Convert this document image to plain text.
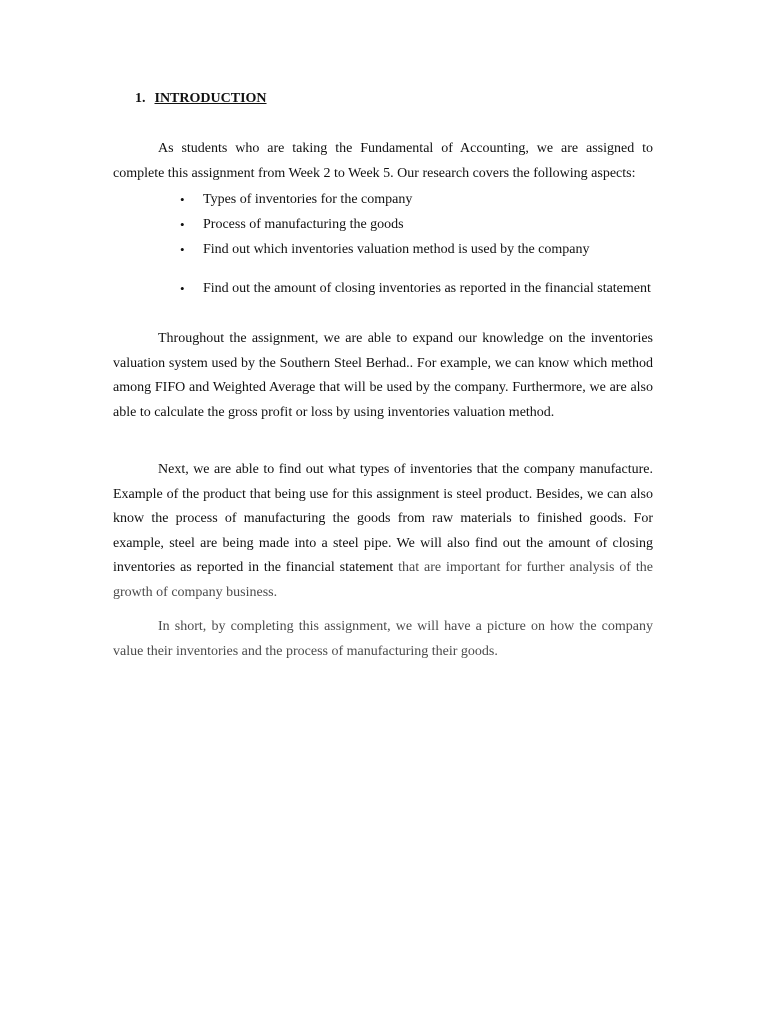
1. INTRODUCTION

As students who are taking the Fundamental of Accounting, we are assigned to complete this assignment from Week 2 to Week 5. Our research covers the following aspects:

• Types of inventories for the company
• Process of manufacturing the goods
• Find out which inventories valuation method is used by the company
• Find out the amount of closing inventories as reported in the financial statement

Throughout the assignment, we are able to expand our knowledge on the inventories valuation system used by the Southern Steel Berhad.. For example, we can know which method among FIFO and Weighted Average that will be used by the company. Furthermore, we are also able to calculate the gross profit or loss by using inventories valuation method.

Next, we are able to find out what types of inventories that the company manufacture. Example of the product that being use for this assignment is steel product. Besides, we can also know the process of manufacturing the goods from raw materials to finished goods. For example, steel are being made into a steel pipe. We will also find out the amount of closing inventories as reported in the financial statement that are important for further analysis of the growth of company business.

In short, by completing this assignment, we will have a picture on how the company value their inventories and the process of manufacturing their goods.
